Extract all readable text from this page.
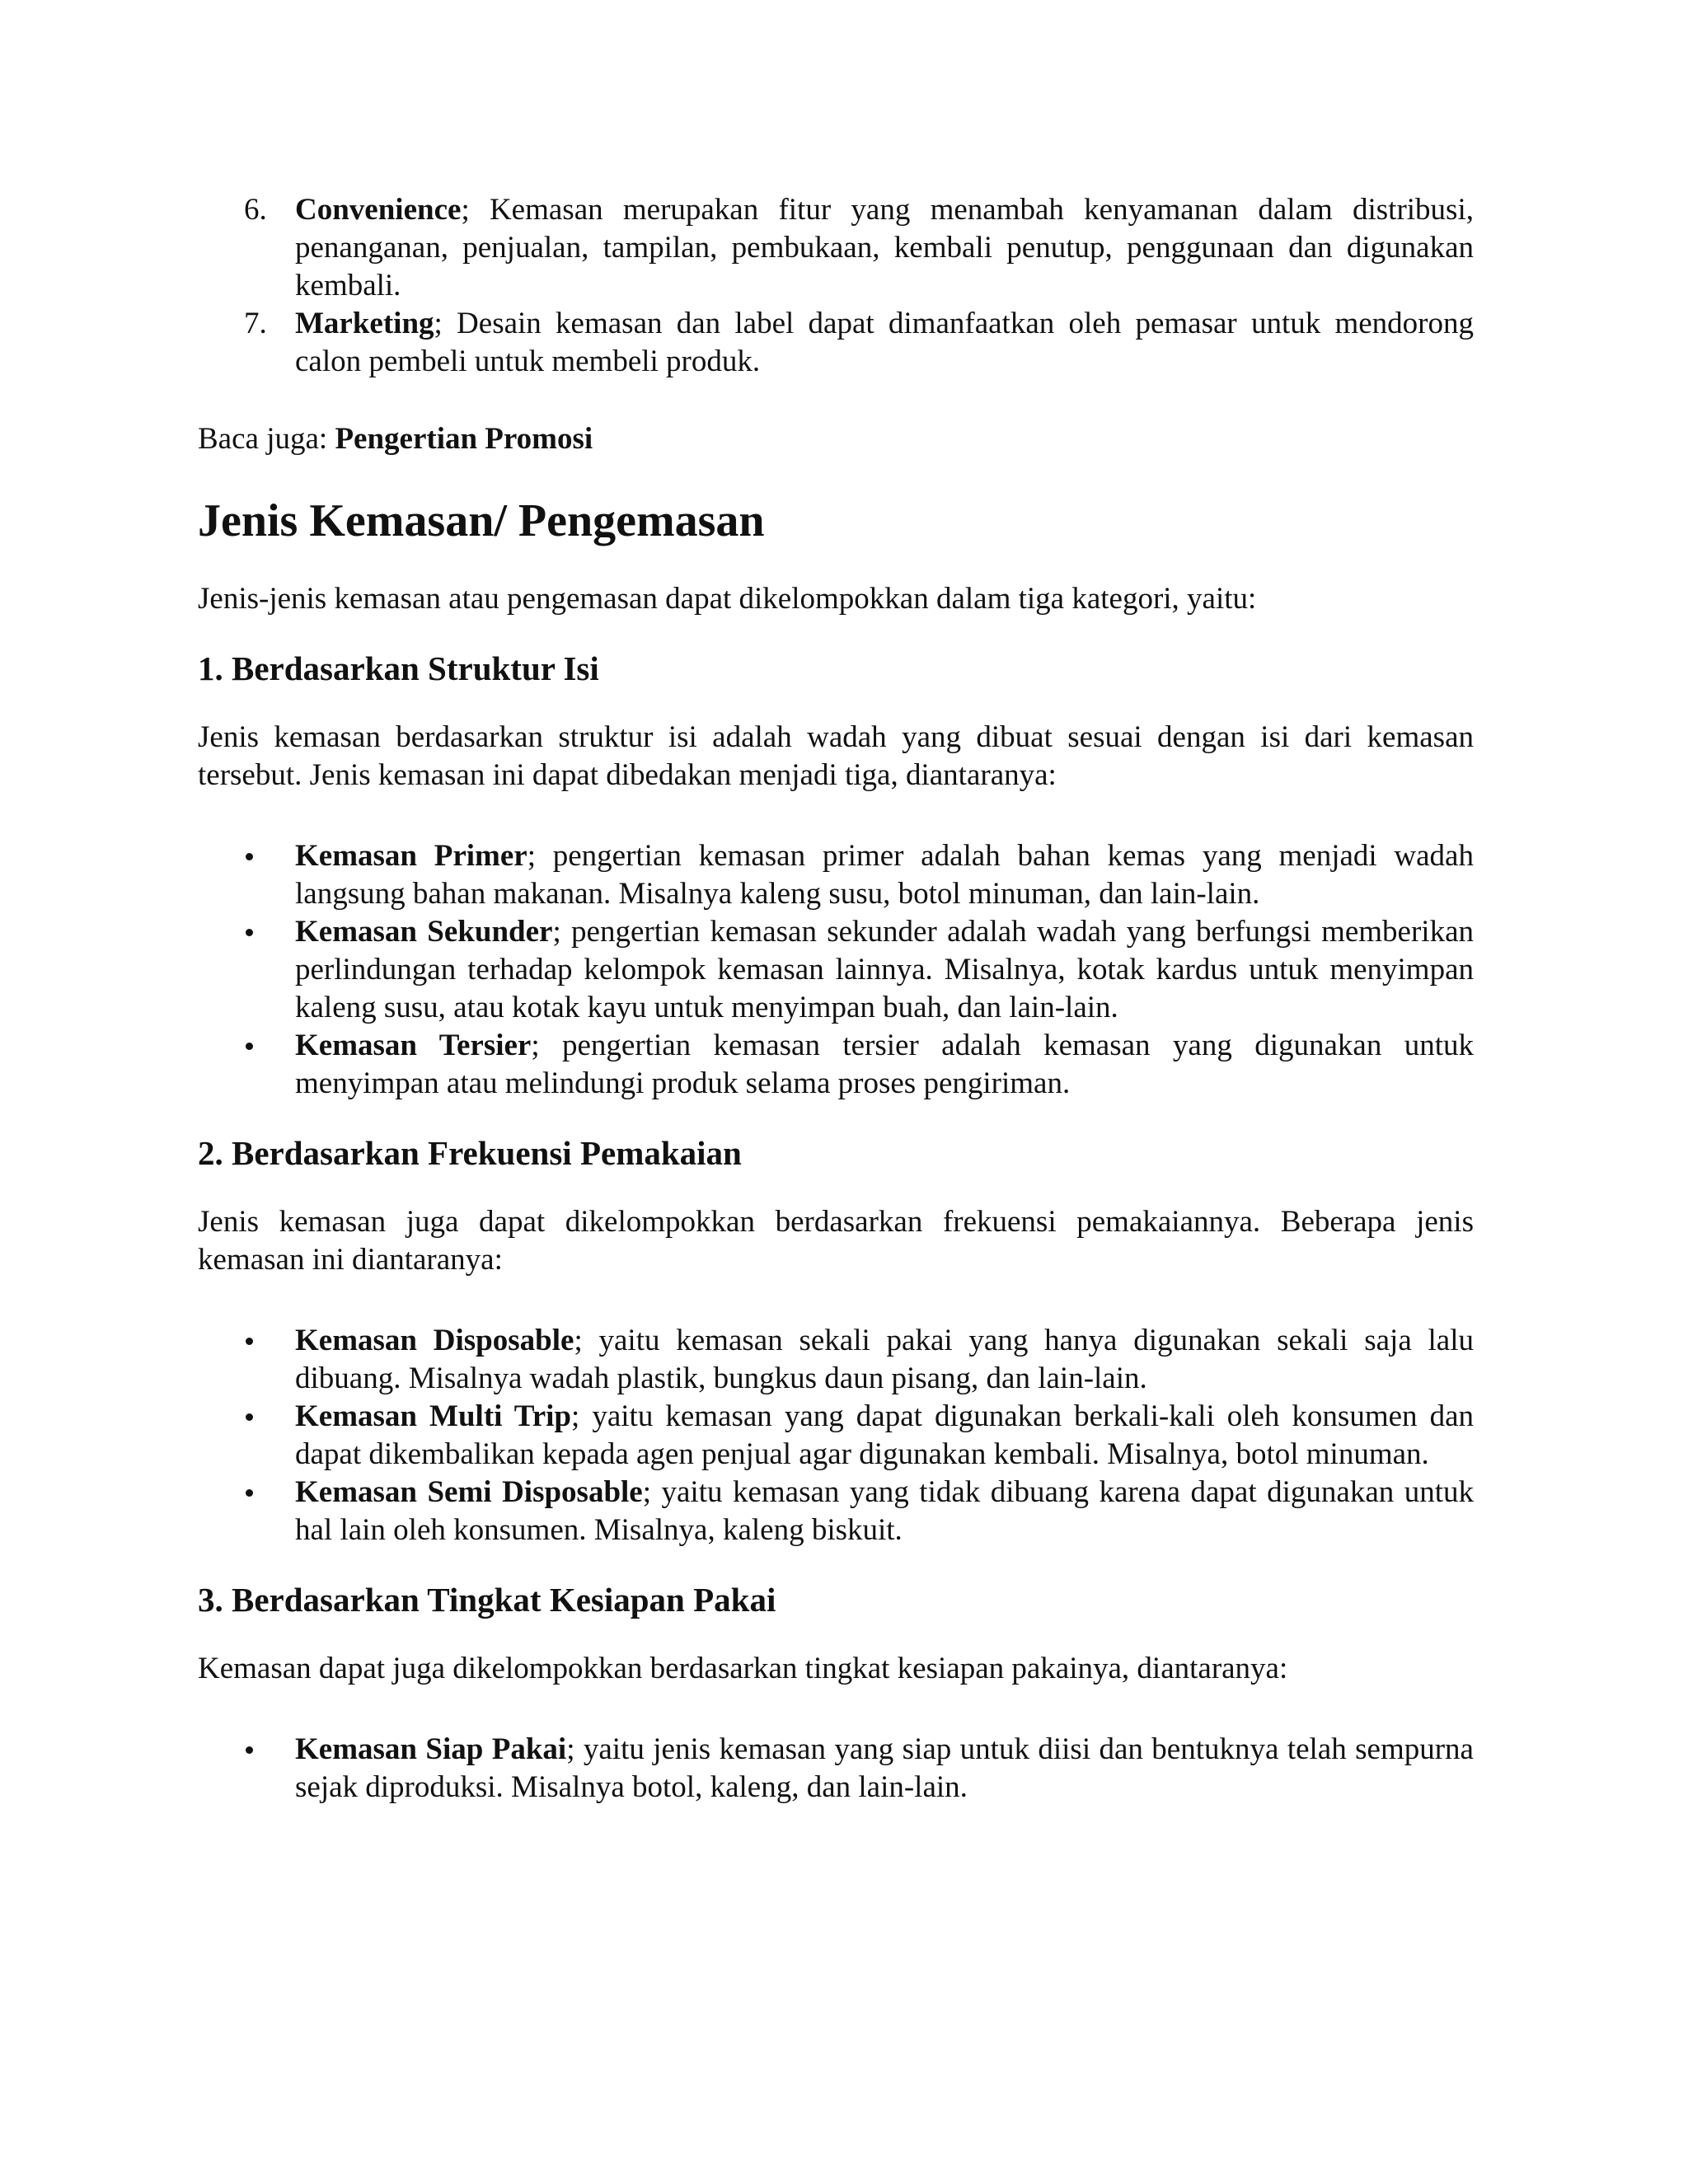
6. Convenience; Kemasan merupakan fitur yang menambah kenyamanan dalam distribusi, penanganan, penjualan, tampilan, pembukaan, kembali penutup, penggunaan dan digunakan kembali.
7. Marketing; Desain kemasan dan label dapat dimanfaatkan oleh pemasar untuk mendorong calon pembeli untuk membeli produk.

Baca juga: Pengertian Promosi

Jenis Kemasan/ Pengemasan

Jenis-jenis kemasan atau pengemasan dapat dikelompokkan dalam tiga kategori, yaitu:

1. Berdasarkan Struktur Isi

Jenis kemasan berdasarkan struktur isi adalah wadah yang dibuat sesuai dengan isi dari kemasan tersebut. Jenis kemasan ini dapat dibedakan menjadi tiga, diantaranya:

Kemasan Primer; pengertian kemasan primer adalah bahan kemas yang menjadi wadah langsung bahan makanan. Misalnya kaleng susu, botol minuman, dan lain-lain.
Kemasan Sekunder; pengertian kemasan sekunder adalah wadah yang berfungsi memberikan perlindungan terhadap kelompok kemasan lainnya. Misalnya, kotak kardus untuk menyimpan kaleng susu, atau kotak kayu untuk menyimpan buah, dan lain-lain.
Kemasan Tersier; pengertian kemasan tersier adalah kemasan yang digunakan untuk menyimpan atau melindungi produk selama proses pengiriman.
2. Berdasarkan Frekuensi Pemakaian

Jenis kemasan juga dapat dikelompokkan berdasarkan frekuensi pemakaiannya. Beberapa jenis kemasan ini diantaranya:

Kemasan Disposable; yaitu kemasan sekali pakai yang hanya digunakan sekali saja lalu dibuang. Misalnya wadah plastik, bungkus daun pisang, dan lain-lain.
Kemasan Multi Trip; yaitu kemasan yang dapat digunakan berkali-kali oleh konsumen dan dapat dikembalikan kepada agen penjual agar digunakan kembali. Misalnya, botol minuman.
Kemasan Semi Disposable; yaitu kemasan yang tidak dibuang karena dapat digunakan untuk hal lain oleh konsumen. Misalnya, kaleng biskuit.
3. Berdasarkan Tingkat Kesiapan Pakai

Kemasan dapat juga dikelompokkan berdasarkan tingkat kesiapan pakainya, diantaranya:

Kemasan Siap Pakai; yaitu jenis kemasan yang siap untuk diisi dan bentuknya telah sempurna sejak diproduksi. Misalnya botol, kaleng, dan lain-lain.
